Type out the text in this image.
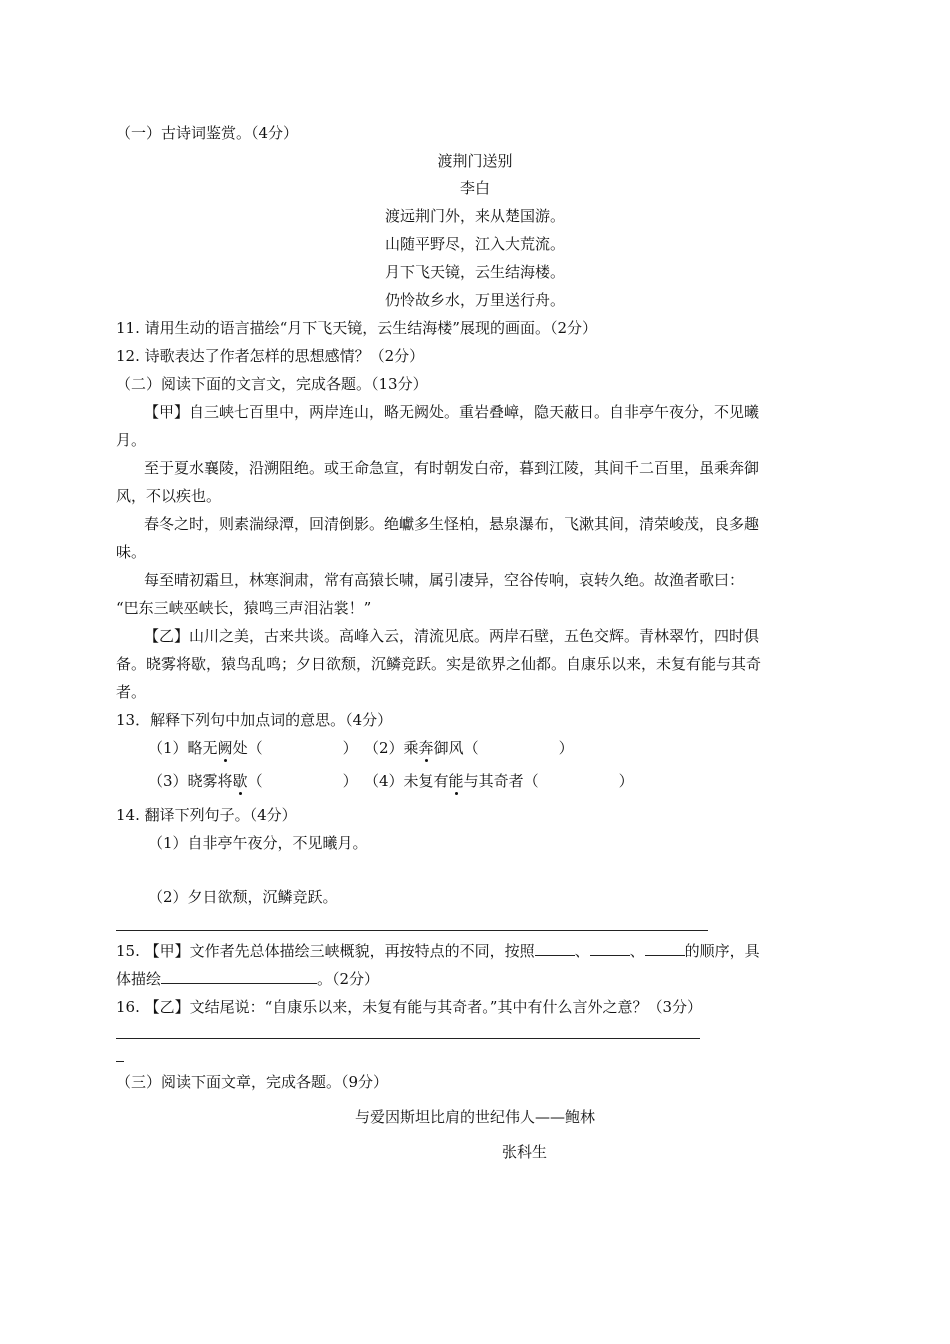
（一）古诗词鉴赏。（4分）
渡荆门送别
李白
渡远荆门外，来从楚国游。
山随平野尽，江入大荒流。
月下飞天镜，云生结海楼。
仍怜故乡水，万里送行舟。
11. 请用生动的语言描绘“月下飞天镜，云生结海楼”展现的画面。（2分）
12. 诗歌表达了作者怎样的思想感情？（2分）
（二）阅读下面的文言文，完成各题。（13分）
【甲】自三峡七百里中，两岸连山，略无阙处。重岩叠嶂，隐天蔽日。自非亭午夜分，不见曦
月。
至于夏水襄陵，沿溯阻绝。或王命急宣，有时朝发白帝，暮到江陵，其间千二百里，虽乘奔御
风，不以疾也。
春冬之时，则素湍绿潭，回清倒影。绝巘多生怪柏，悬泉瀑布，飞漱其间，清荣峻茂，良多趣
味。
每至晴初霜旦，林寒涧肃，常有高猿长啸，属引凄异，空谷传响，哀转久绝。故渔者歌曰：
“巴东三峡巫峡长，猿鸣三声泪沾裳！”
【乙】山川之美，古来共谈。高峰入云，清流见底。两岸石壁，五色交辉。青林翠竹，四时俱
备。晓雾将歇，猿鸟乱鸣；夕日欲颓，沉鳞竞跃。实是欲界之仙都。自康乐以来，未复有能与其奇
者。
13．解释下列句中加点词的意思。（4分）
（1）略无阙处（	） （2）乘奔御风（	）
（3）晓雾将歇（	） （4）未复有能与其奇者（	）
14. 翻译下列句子。（4分）
（1）自非亭午夜分，不见曦月。
（2）夕日欲颓，沉鳞竞跃。
15. 【甲】文作者先总体描绘三峡概貌，再按特点的不同，按照	、	、	的顺序，具
体描绘	。（2分）
16. 【乙】文结尾说：“自康乐以来，未复有能与其奇者。”其中有什么言外之意？（3分）
（三）阅读下面文章，完成各题。（9分）
与爱因斯坦比肩的世纪伟人——鲍林
张科生
